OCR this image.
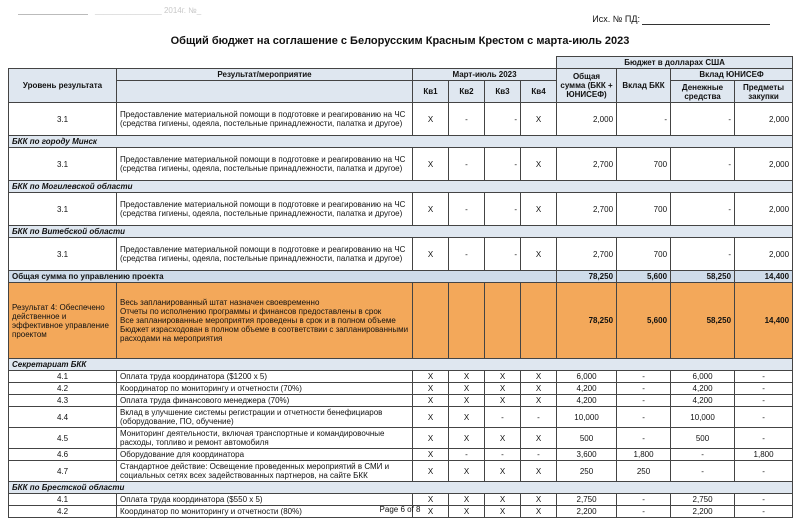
_______________ 2014г. №_
Исх. № ПД:
Общий бюджет на соглашение с Белорусским Красным Крестом с марта-июль 2023
						Бюджет в долларах США			
Уровень результата	Результат/мероприятие	Март-июль 2023				Общая сумма (БКК + ЮНИСЕФ)	Вклад БКК	Вклад ЮНИСЕФ	
		Кв1	Кв2	Кв3	Кв4			Денежные средства	Предметы закупки
3.1	Предоставление материальной помощи в подготовке и реагированию на ЧС (средства гигиены, одеяла, постельные принадлежности, палатка и другое)	X	-	-	X	2,000	-	-	2,000
БКК по городу Минск									
3.1	Предоставление материальной помощи в подготовке и реагированию на ЧС (средства гигиены, одеяла, постельные принадлежности, палатка и другое)	X	-	-	X	2,700	700	-	2,000
БКК по Могилевской области									
3.1	Предоставление материальной помощи в подготовке и реагированию на ЧС (средства гигиены, одеяла, постельные принадлежности, палатка и другое)	X	-	-	X	2,700	700	-	2,000
БКК по Витебской области									
3.1	Предоставление материальной помощи в подготовке и реагированию на ЧС (средства гигиены, одеяла, постельные принадлежности, палатка и другое)	X	-	-	X	2,700	700	-	2,000
Общая сумма по управлению проекта						78,250	5,600	58,250	14,400
Результат 4: Обеспечено действенное и эффективное управление проектом	Весь запланированный штат назначен своевременно
Отчеты по исполнению программы и финансов предоставлены в срок
Все запланированные мероприятия проведены в срок и в полном объеме
Бюджет израсходован в полном объеме в соответствии с запланированными расходами на мероприятия					78,250	5,600	58,250	14,400
Секретариат БКК									
4.1	Оплата труда координатора ($1200 x 5)	X	X	X	X	6,000	-	6,000	-
4.2	Координатор по мониторингу и отчетности (70%)	X	X	X	X	4,200	-	4,200	-
4.3	Оплата труда финансового менеджера (70%)	X	X	X	X	4,200	-	4,200	-
4.4	Вклад в улучшение системы регистрации и отчетности бенефициаров (оборудование, ПО, обучение)	X	X	-	-	10,000	-	10,000	-
4.5	Мониторинг деятельности, включая транспортные и командировочные расходы, топливо и ремонт автомобиля	X	X	X	X	500	-	500	-
4.6	Оборудование для координатора	X	-	-	-	3,600	1,800	-	1,800
4.7	Стандартное действие: Освещение проведенных мероприятий в СМИ и социальных сетях всех задействованных партнеров, на сайте БКК	X	X	X	X	250	250	-	-
БКК по Брестской области									
4.1	Оплата труда координатора ($550 x 5)	X	X	X	X	2,750	-	2,750	-
4.2	Координатор по мониторингу и отчетности (80%)	X	X	X	X	2,200	-	2,200	-
Page 6 of 8
